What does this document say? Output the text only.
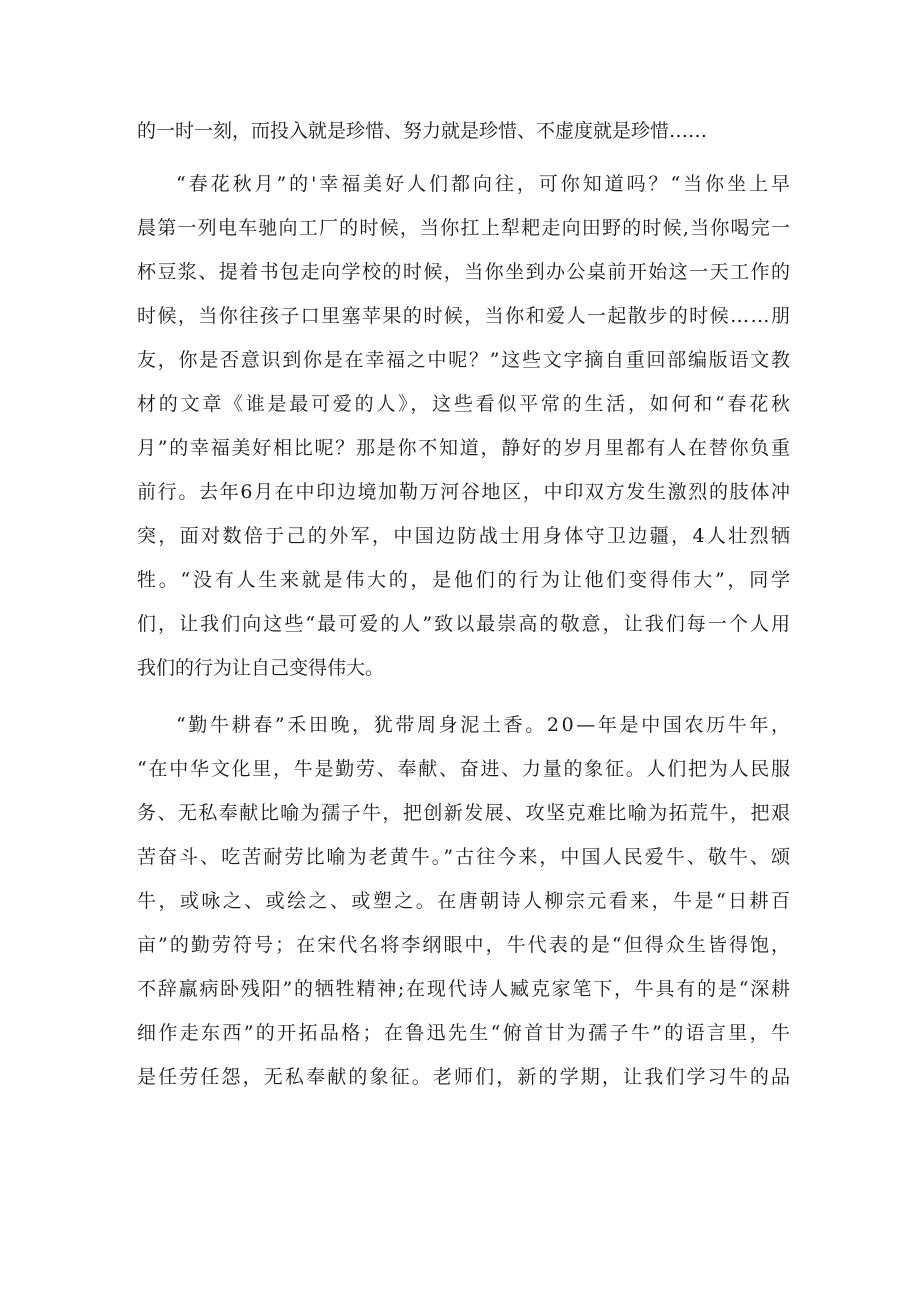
的一时一刻，而投入就是珍惜、努力就是珍惜、不虚度就是珍惜……
“春花秋月”的'幸福美好人们都向往，可你知道吗？“当你坐上早
晨第一列电车驰向工厂的时候，当你扛上犁耙走向田野的时候,当你喝完一
杯豆浆、提着书包走向学校的时候，当你坐到办公桌前开始这一天工作的
时候，当你往孩子口里塞苹果的时候，当你和爱人一起散步的时候……朋
友，你是否意识到你是在幸福之中呢？”这些文字摘自重回部编版语文教
材的文章《谁是最可爱的人》，这些看似平常的生活，如何和“春花秋
月”的幸福美好相比呢？那是你不知道，静好的岁月里都有人在替你负重
前行。去年6月在中印边境加勒万河谷地区，中印双方发生激烈的肢体冲
突，面对数倍于己的外军，中国边防战士用身体守卫边疆，4人壮烈牺
牲。“没有人生来就是伟大的，是他们的行为让他们变得伟大”，同学
们，让我们向这些“最可爱的人”致以最崇高的敬意，让我们每一个人用
我们的行为让自己变得伟大。
“勤牛耕春”禾田晚，犹带周身泥土香。20—年是中国农历牛年，
“在中华文化里，牛是勤劳、奉献、奋进、力量的象征。人们把为人民服
务、无私奉献比喻为孺子牛，把创新发展、攻坚克难比喻为拓荒牛，把艰
苦奋斗、吃苦耐劳比喻为老黄牛。”古往今来，中国人民爱牛、敬牛、颂
牛，或咏之、或绘之、或塑之。在唐朝诗人柳宗元看来，牛是“日耕百
亩”的勤劳符号；在宋代名将李纲眼中，牛代表的是“但得众生皆得饱，
不辞羸病卧残阳”的牺牲精神;在现代诗人臧克家笔下，牛具有的是“深耕
细作走东西”的开拓品格；在鲁迅先生“俯首甘为孺子牛”的语言里，牛
是任劳任怨，无私奉献的象征。老师们，新的学期，让我们学习牛的品
